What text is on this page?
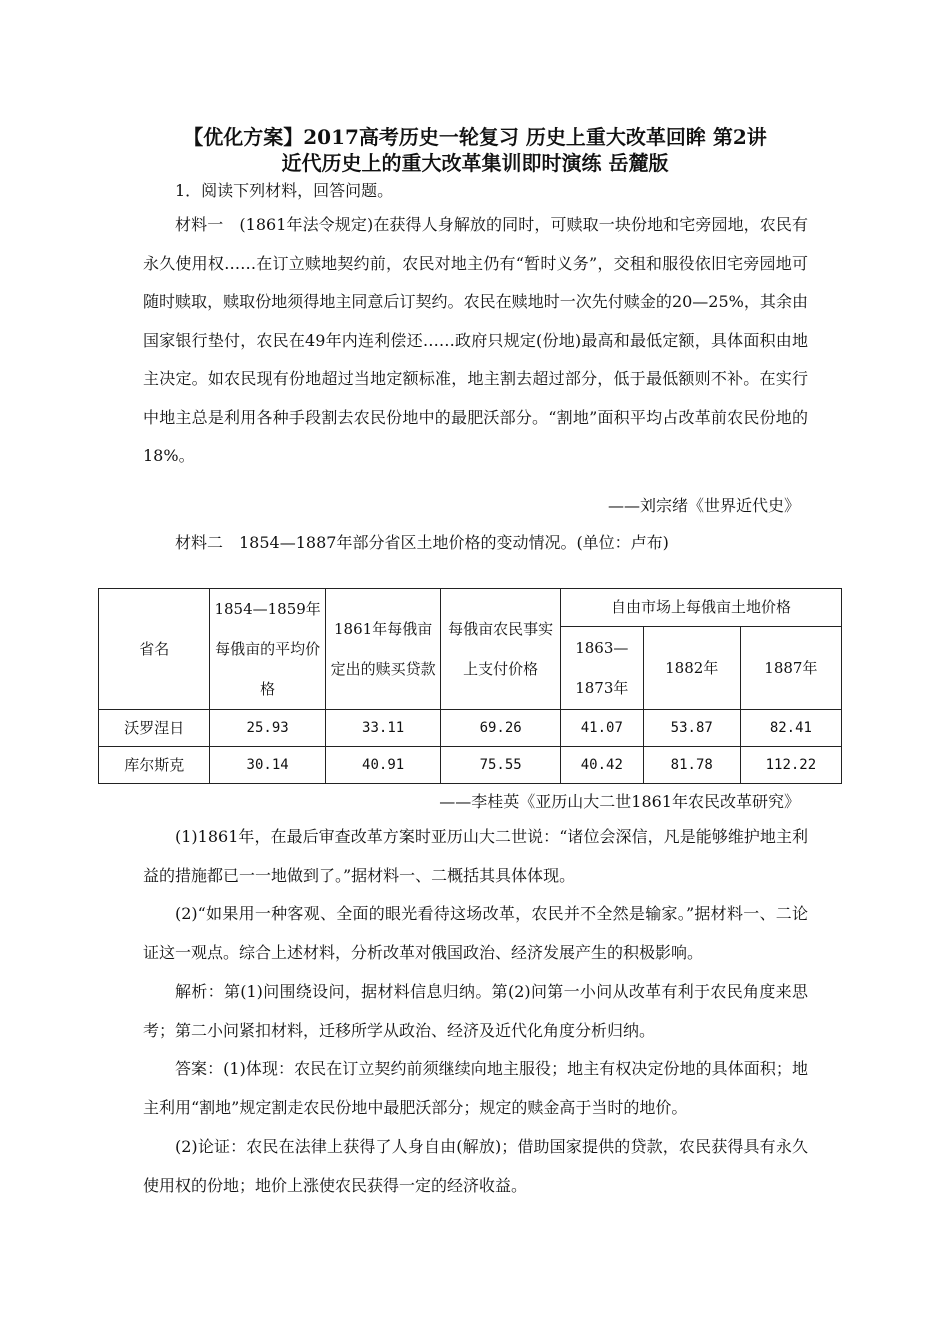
【优化方案】2017高考历史一轮复习 历史上重大改革回眸 第2讲
近代历史上的重大改革集训即时演练 岳麓版

1．阅读下列材料，回答问题。

材料一　(1861年法令规定)在获得人身解放的同时，可赎取一块份地和宅旁园地，农民有永久使用权……在订立赎地契约前，农民对地主仍有“暂时义务”，交租和服役依旧宅旁园地可随时赎取，赎取份地须得地主同意后订契约。农民在赎地时一次先付赎金的20—25%，其余由国家银行垫付，农民在49年内连利偿还……政府只规定(份地)最高和最低定额，具体面积由地主决定。如农民现有份地超过当地定额标准，地主割去超过部分，低于最低额则不补。在实行中地主总是利用各种手段割去农民份地中的最肥沃部分。“割地”面积平均占改革前农民份地的18%。

——刘宗绪《世界近代史》

材料二　1854—1887年部分省区土地价格的变动情况。(单位：卢布)

省名	1854—1859年每俄亩的平均价格	1861年每俄亩定出的赎买贷款	每俄亩农民事实上支付价格	自由市场上每俄亩土地价格		
				1863—1873年	1882年	1887年
沃罗涅日	25.93	33.11	69.26	41.07	53.87	82.41
库尔斯克	30.14	40.91	75.55	40.42	81.78	112.22
——李桂英《亚历山大二世1861年农民改革研究》

(1)1861年，在最后审查改革方案时亚历山大二世说：“诸位会深信，凡是能够维护地主利益的措施都已一一地做到了。”据材料一、二概括其具体体现。

(2)“如果用一种客观、全面的眼光看待这场改革，农民并不全然是输家。”据材料一、二论证这一观点。综合上述材料，分析改革对俄国政治、经济发展产生的积极影响。

解析：第(1)问围绕设问，据材料信息归纳。第(2)问第一小问从改革有利于农民角度来思考；第二小问紧扣材料，迁移所学从政治、经济及近代化角度分析归纳。

答案：(1)体现：农民在订立契约前须继续向地主服役；地主有权决定份地的具体面积；地主利用“割地”规定割走农民份地中最肥沃部分；规定的赎金高于当时的地价。

(2)论证：农民在法律上获得了人身自由(解放)；借助国家提供的贷款，农民获得具有永久使用权的份地；地价上涨使农民获得一定的经济收益。
